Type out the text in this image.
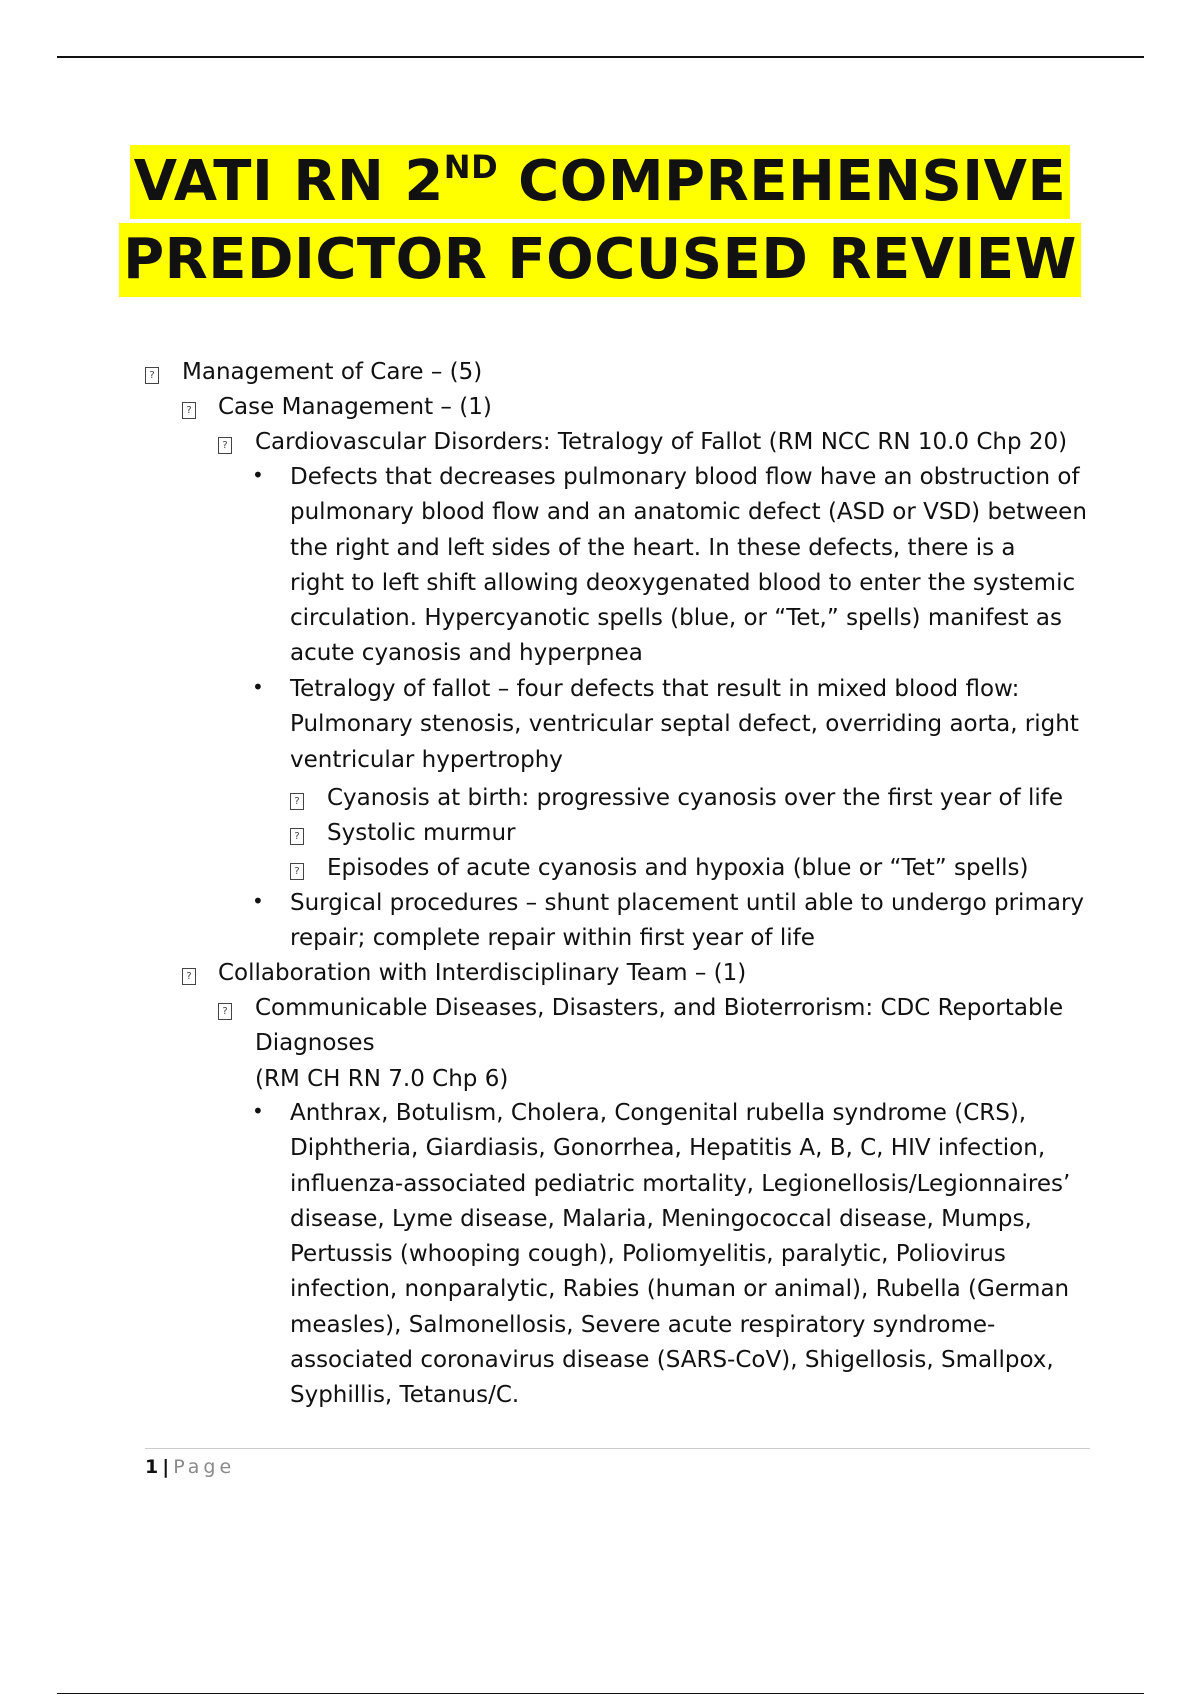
VATI RN 2ND COMPREHENSIVE
PREDICTOR FOCUSED REVIEW
? Management of Care – (5)
? Case Management – (1)
? Cardiovascular Disorders: Tetralogy of Fallot (RM NCC RN 10.0 Chp 20)
• Defects that decreases pulmonary blood flow have an obstruction of
pulmonary blood flow and an anatomic defect (ASD or VSD) between
the right and left sides of the heart. In these defects, there is a
right to left shift allowing deoxygenated blood to enter the systemic
circulation. Hypercyanotic spells (blue, or “Tet,” spells) manifest as
acute cyanosis and hyperpnea
• Tetralogy of fallot – four defects that result in mixed blood flow:
Pulmonary stenosis, ventricular septal defect, overriding aorta, right
ventricular hypertrophy
? Cyanosis at birth: progressive cyanosis over the first year of life
? Systolic murmur
? Episodes of acute cyanosis and hypoxia (blue or “Tet” spells)
• Surgical procedures – shunt placement until able to undergo primary
repair; complete repair within first year of life
? Collaboration with Interdisciplinary Team – (1)
? Communicable Diseases, Disasters, and Bioterrorism: CDC Reportable
Diagnoses
(RM CH RN 7.0 Chp 6)
• Anthrax, Botulism, Cholera, Congenital rubella syndrome (CRS),
Diphtheria, Giardiasis, Gonorrhea, Hepatitis A, B, C, HIV infection,
influenza-associated pediatric mortality, Legionellosis/Legionnaires’
disease, Lyme disease, Malaria, Meningococcal disease, Mumps,
Pertussis (whooping cough), Poliomyelitis, paralytic, Poliovirus
infection, nonparalytic, Rabies (human or animal), Rubella (German
measles), Salmonellosis, Severe acute respiratory syndrome-
associated coronavirus disease (SARS-CoV), Shigellosis, Smallpox,
Syphillis, Tetanus/C.
1 | Page
